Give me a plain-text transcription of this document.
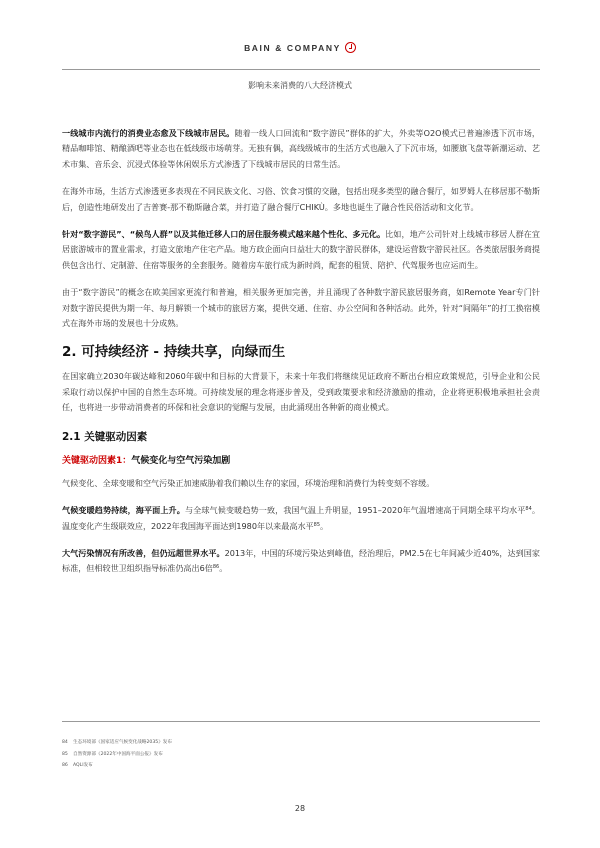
BAIN & COMPANY
影响未来消费的八大经济模式

一线城市内流行的消费业态愈及下线城市居民。随着一线人口回流和“数字游民”群体的扩大，外卖等O2O模式已普遍渗透下沉市场，精品咖啡馆、精酿酒吧等业态也在低线级市场萌芽。无独有偶，高线级城市的生活方式也融入了下沉市场，如腰旗飞盘等新潮运动、艺术市集、音乐会、沉浸式体验等休闲娱乐方式渗透了下线城市居民的日常生活。

在海外市场，生活方式渗透更多表现在不同民族文化、习俗、饮食习惯的交融，包括出现多类型的融合餐厅，如罗姆人在移居那不勒斯后，创造性地研发出了吉普赛-那不勒斯融合菜，并打造了融合餐厅CHIKÙ。多地也诞生了融合性民俗活动和文化节。

针对“数字游民”、“候鸟人群”以及其他迁移人口的居住服务模式越来越个性化、多元化。比如，地产公司针对上线城市移居人群在宜居旅游城市的置业需求，打造文旅地产住宅产品。地方政企面向日益壮大的数字游民群体，建设运营数字游民社区。各类旅居服务商提供包含出行、定制游、住宿等服务的全套服务。随着房车旅行成为新时尚，配套的租赁、陪护、代驾服务也应运而生。

由于“数字游民”的概念在欧美国家更流行和普遍，相关服务更加完善，并且涌现了各种数字游民旅居服务商，如Remote Year专门针对数字游民提供为期一年、每月解锁一个城市的旅居方案，提供交通、住宿、办公空间和各种活动。此外，针对“间隔年”的打工换宿模式在海外市场的发展也十分成熟。

2. 可持续经济 - 持续共享，向绿而生

在国家确立2030年碳达峰和2060年碳中和目标的大背景下，未来十年我们将继续见证政府不断出台相应政策规范，引导企业和公民采取行动以保护中国的自然生态环境。可持续发展的理念将逐步普及，受到政策要求和经济激励的推动，企业将更积极地承担社会责任，也将进一步带动消费者的环保和社会意识的觉醒与发展，由此涌现出各种新的商业模式。

2.1 关键驱动因素
关键驱动因素1：气候变化与空气污染加剧

气候变化、全球变暖和空气污染正加速威胁着我们赖以生存的家园，环境治理和消费行为转变刻不容缓。

气候变暖趋势持续，海平面上升。与全球气候变暖趋势一致，我国气温上升明显，1951–2020年气温增速高于同期全球平均水平$^{84}$。温度变化产生级联效应，2022年我国海平面达到1980年以来最高水平$^{85}$。

大气污染情况有所改善，但仍远超世界水平。2013年，中国的环境污染达到峰值，经治理后，PM2.5在七年间减少近40%，达到国家标准，但相较世卫组织指导标准仍高出6倍$^{86}$。

84 生态环境部《国家适应气候变化战略2035》发布
85 自然资源部《2022年中国海平面公报》发布
86 AQLI发布
28
